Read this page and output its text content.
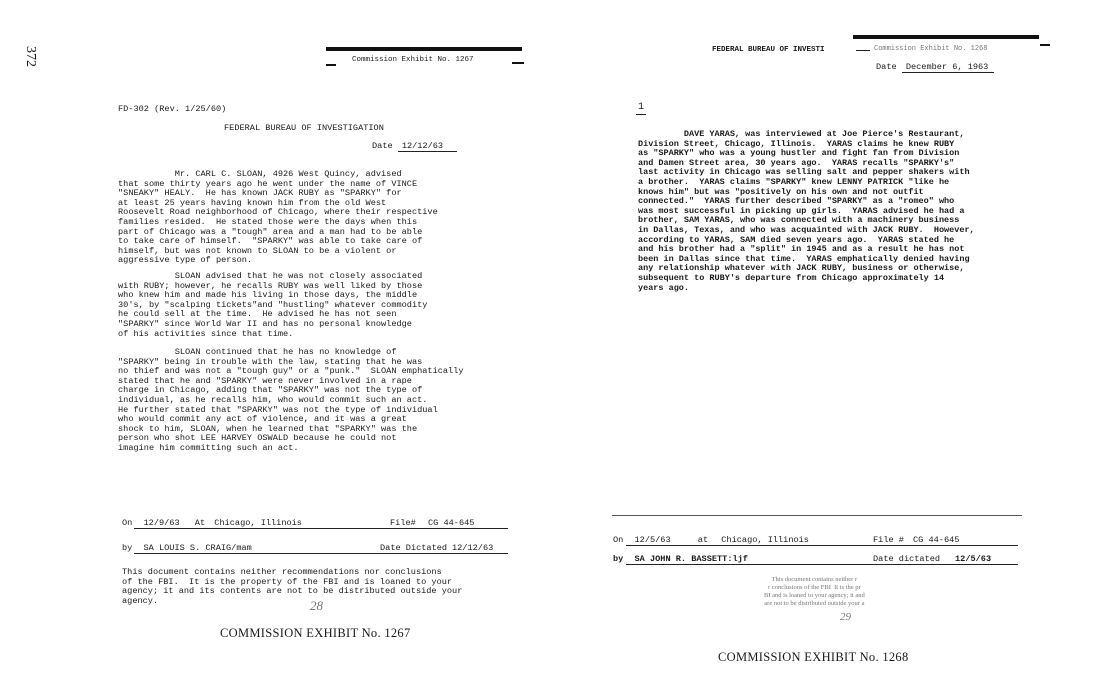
372	Commission Exhibit No. 1267
FD-302 (Rev. 1/25/60)
FEDERAL BUREAU OF INVESTIGATION
Date 12/12/63
Mr. CARL C. SLOAN, 4926 West Quincy, advised
that some thirty years ago he went under the name of VINCE
"SNEAKY" HEALY.  He has known JACK RUBY as "SPARKY" for
at least 25 years having known him from the old West
Roosevelt Road neighborhood of Chicago, where their respective
families resided.  He stated those were the days when this
part of Chicago was a "tough" area and a man had to be able
to take care of himself.  "SPARKY" was able to take care of
himself, but was not known to SLOAN to be a violent or
aggressive type of person.
SLOAN advised that he was not closely associated
with RUBY; however, he recalls RUBY was well liked by those
who knew him and made his living in those days, the middle
30's, by "scalping tickets"and "hustling" whatever commodity
he could sell at the time.  He advised he has not seen
"SPARKY" since World War II and has no personal knowledge
of his activities since that time.
SLOAN continued that he has no knowledge of
"SPARKY" being in trouble with the law, stating that he was
no thief and was not a "tough guy" or a "punk."  SLOAN emphatically
stated that he and "SPARKY" were never involved in a rape
charge in Chicago, adding that "SPARKY" was not the type of
individual, as he recalls him, who would commit such an act.
He further stated that "SPARKY" was not the type of individual
who would commit any act of violence, and it was a great
shock to him, SLOAN, when he learned that "SPARKY" was the
person who shot LEE HARVEY OSWALD because he could not
imagine him committing such an act.
On 12/9/63 At Chicago, Illinois	File# CG 44-645
by SA LOUIS S. CRAIG/mam	Date Dictated 12/12/63
This document contains neither recommendations nor conclusions
of the FBI.  It is the property of the FBI and is loaned to your
agency; it and its contents are not to be distributed outside your
agency.	28
COMMISSION EXHIBIT No. 1267
FEDERAL BUREAU OF INVESTI	Commission Exhibit No. 1268
Date December 6, 1963
1
DAVE YARAS, was interviewed at Joe Pierce's Restaurant,
Division Street, Chicago, Illinois.  YARAS claims he knew RUBY
as "SPARKY" who was a young hustler and fight fan from Division
and Damen Street area, 30 years ago.  YARAS recalls "SPARKY's"
last activity in Chicago was selling salt and pepper shakers with
a brother.  YARAS claims "SPARKY" knew LENNY PATRICK "like he
knows him" but was "positively on his own and not outfit
connected."  YARAS further described "SPARKY" as a "romeo" who
was most successful in picking up girls.  YARAS advised he had a
brother, SAM YARAS, who was connected with a machinery business
in Dallas, Texas, and who was acquainted with JACK RUBY.  However,
according to YARAS, SAM died seven years ago.  YARAS stated he
and his brother had a "split" in 1945 and as a result he has not
been in Dallas since that time.  YARAS emphatically denied having
any relationship whatever with JACK RUBY, business or otherwise,
subsequent to RUBY's departure from Chicago approximately 14
years ago.
On 12/5/63	at Chicago, Illinois	File # CG 44-645
by SA JOHN R. BASSETT:ljf	Date dictated 12/5/63
This document contains neither r
r conclusions of the FBI  It is the pr
BI and is loaned to your agency; it and
are not to be distributed outside your a
29
COMMISSION EXHIBIT No. 1268
